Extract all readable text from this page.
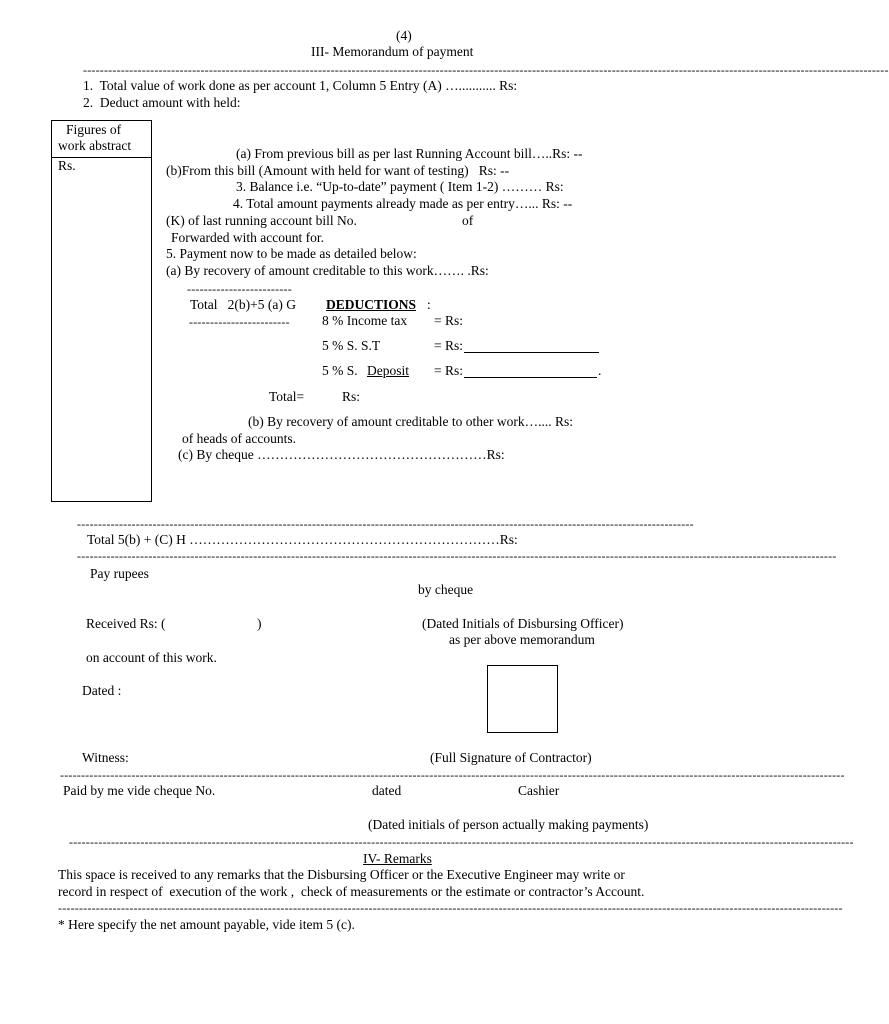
(4)
III- Memorandum of payment
------------------------------------------------------------------------------------------------------------------------------------------------------------------------------------------------
1.  Total value of work done as per account 1, Column 5 Entry (A) …........... Rs:
2.  Deduct amount with held:
Figures of
work abstract
Rs.
(a) From previous bill as per last Running Account bill…..Rs: --
(b)From this bill (Amount with held for want of testing)   Rs: --
3. Balance i.e. “Up-to-date” payment ( Item 1-2) ……… Rs:
4. Total amount payments already made as per entry…... Rs: --
(K) of last running account bill No.	of
Forwarded with account for.
5. Payment now to be made as detailed below:
(a) By recovery of amount creditable to this work……. .Rs:
-------------------------
Total   2(b)+5 (a) G DEDUCTIONS :
------------------------ 8 % Income tax = Rs:
5 % S. S.T	= Rs:
5 % S. Deposit = Rs:	.
Total=	Rs:
(b) By recovery of amount creditable to other work….... Rs:
of heads of accounts.
(c) By cheque ……………………………………………Rs:
---------------------------------------------------------------------------------------------------------------------------------------------------
Total 5(b) + (C) H ……………………………………………………………Rs:
-------------------------------------------------------------------------------------------------------------------------------------------------------------------------------------
Pay rupees
by cheque
Received Rs: (	)	(Dated Initials of Disbursing Officer)
as per above memorandum
on account of this work.
Dated :
Witness:	(Full Signature of Contractor)
-------------------------------------------------------------------------------------------------------------------------------------------------------------------------------------------
Paid by me vide cheque No.	dated	Cashier
(Dated initials of person actually making payments)
-------------------------------------------------------------------------------------------------------------------------------------------------------------------------------------------
IV- Remarks
This space is received to any remarks that the Disbursing Officer or the Executive Engineer may write or
record in respect of  execution of the work ,  check of measurements or the estimate or contractor’s Account.
-------------------------------------------------------------------------------------------------------------------------------------------------------------------------------------------
* Here specify the net amount payable, vide item 5 (c).
